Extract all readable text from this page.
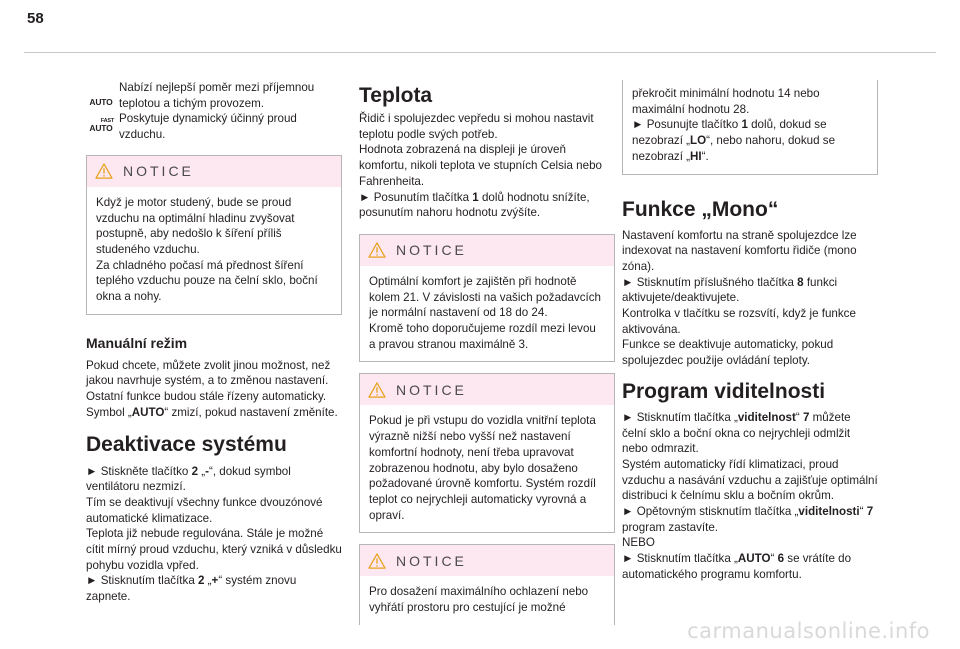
58
AUTO

Nabízí nejlepší poměr mezi příjemnou teplotou a tichým provozem.

FAST
AUTO

Poskytuje dynamický účinný proud vzduchu.

NOTICE

Když je motor studený, bude se proud vzduchu na optimální hladinu zvyšovat postupně, aby nedošlo k šíření příliš studeného vzduchu.
Za chladného počasí má přednost šíření teplého vzduchu pouze na čelní sklo, boční okna a nohy.

Manuální režim

Pokud chcete, můžete zvolit jinou možnost, než jakou navrhuje systém, a to změnou nastavení. Ostatní funkce budou stále řízeny automaticky. Symbol „AUTO“ zmizí, pokud nastavení změníte.

Deaktivace systému

► Stiskněte tlačítko 2 „-“, dokud symbol ventilátoru nezmizí.

Tím se deaktivují všechny funkce dvouzónové automatické klimatizace.

Teplota již nebude regulována. Stále je možné cítit mírný proud vzduchu, který vzniká v důsledku pohybu vozidla vpřed.

► Stisknutím tlačítka 2 „+“ systém znovu zapnete.

Teplota

Řidič i spolujezdec vepředu si mohou nastavit teplotu podle svých potřeb.
Hodnota zobrazená na displeji je úroveň komfortu, nikoli teplota ve stupních Celsia nebo Fahrenheita.

► Posunutím tlačítka 1 dolů hodnotu snížíte, posunutím nahoru hodnotu zvýšíte.

NOTICE

Optimální komfort je zajištěn při hodnotě kolem 21. V závislosti na vašich požadavcích je normální nastavení od 18 do 24.
Kromě toho doporučujeme rozdíl mezi levou a pravou stranou maximálně 3.

NOTICE

Pokud je při vstupu do vozidla vnitřní teplota výrazně nižší nebo vyšší než nastavení komfortní hodnoty, není třeba upravovat zobrazenou hodnotu, aby bylo dosaženo požadované úrovně komfortu. Systém rozdíl teplot co nejrychleji automaticky vyrovná a opraví.

NOTICE

Pro dosažení maximálního ochlazení nebo vyhřátí prostoru pro cestující je možné

překročit minimální hodnotu 14 nebo maximální hodnotu 28.

► Posunujte tlačítko 1 dolů, dokud se nezobrazí „LO“, nebo nahoru, dokud se nezobrazí „HI“.

Funkce „Mono“

Nastavení komfortu na straně spolujezdce lze indexovat na nastavení komfortu řidiče (mono zóna).

► Stisknutím příslušného tlačítka 8 funkci aktivujete/deaktivujete.

Kontrolka v tlačítku se rozsvítí, když je funkce aktivována.

Funkce se deaktivuje automaticky, pokud spolujezdec použije ovládání teploty.

Program viditelnosti

► Stisknutím tlačítka „viditelnost“ 7 můžete čelní sklo a boční okna co nejrychleji odmlžit nebo odmrazit.

Systém automaticky řídí klimatizaci, proud vzduchu a nasávání vzduchu a zajišťuje optimální distribuci k čelnímu sklu a bočním okrům.

► Opětovným stisknutím tlačítka „viditelnosti“ 7 program zastavíte.

NEBO

► Stisknutím tlačítka „AUTO“ 6 se vrátíte do automatického programu komfortu.

carmanualsonline.info
